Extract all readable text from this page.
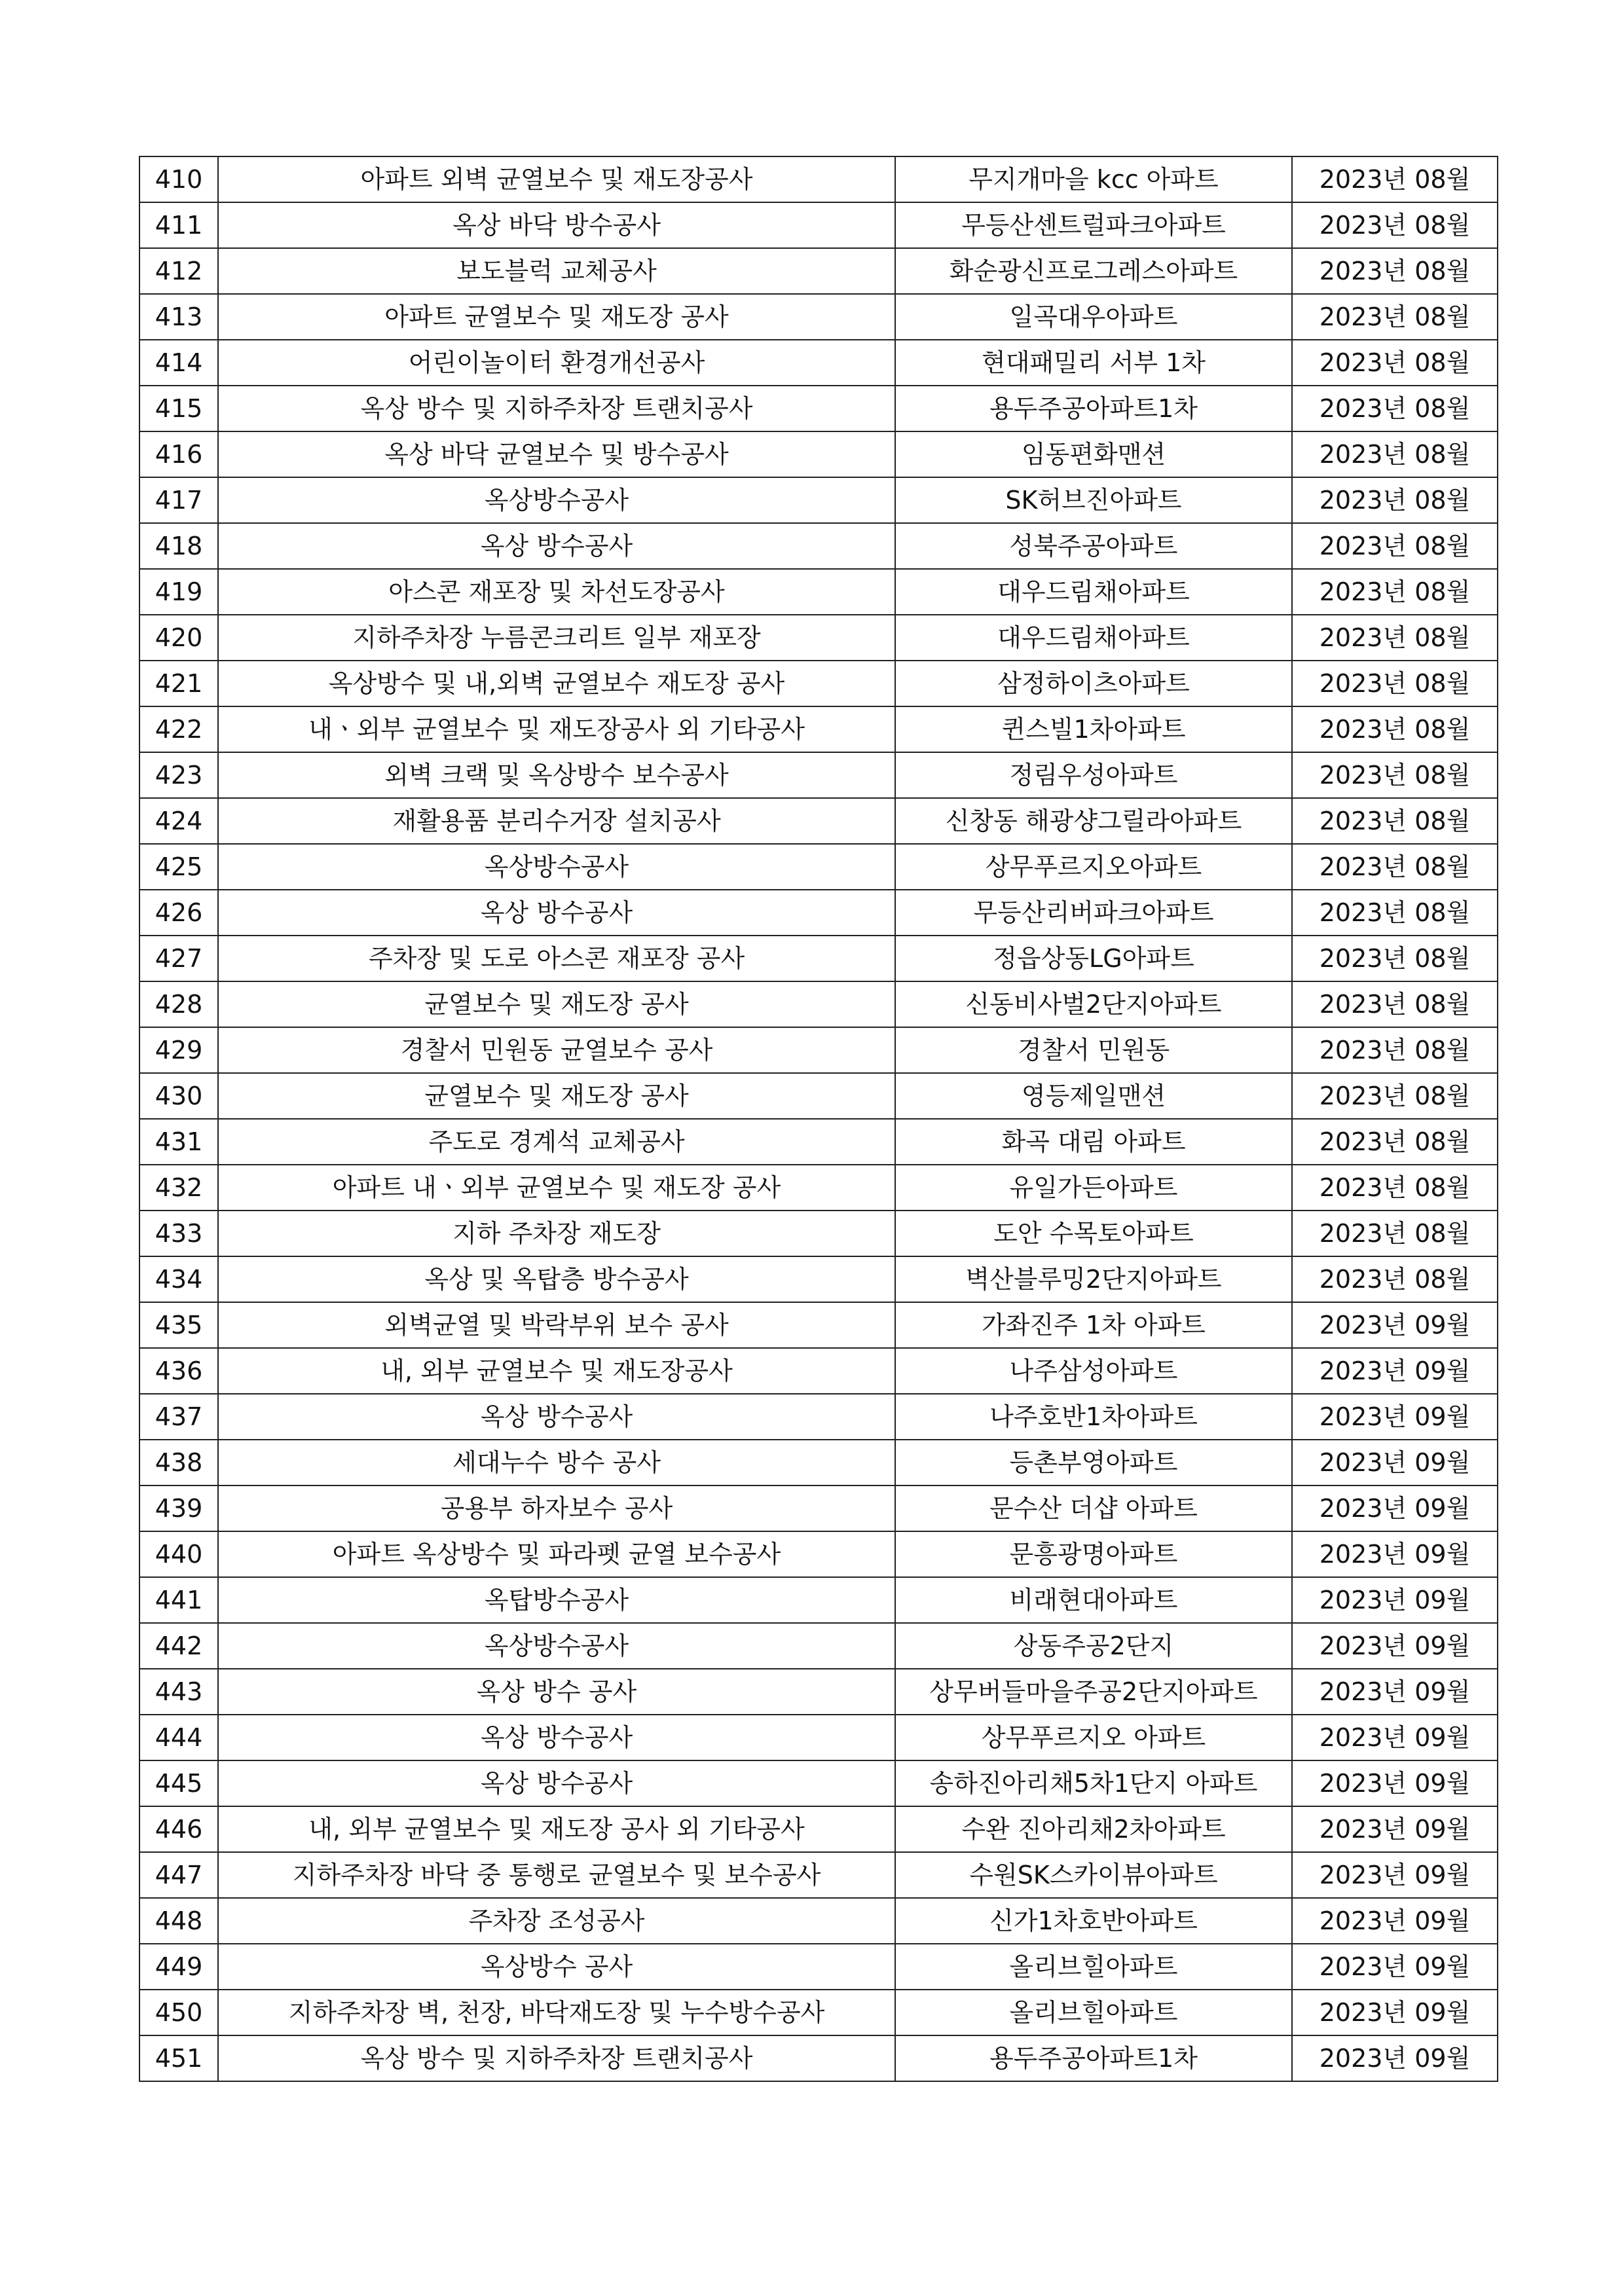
410	아파트 외벽 균열보수 및 재도장공사	무지개마을 kcc 아파트	2023년 08월
411	옥상 바닥 방수공사	무등산센트럴파크아파트	2023년 08월
412	보도블럭 교체공사	화순광신프로그레스아파트	2023년 08월
413	아파트 균열보수 및 재도장 공사	일곡대우아파트	2023년 08월
414	어린이놀이터 환경개선공사	현대패밀리 서부 1차	2023년 08월
415	옥상 방수 및 지하주차장 트랜치공사	용두주공아파트1차	2023년 08월
416	옥상 바닥 균열보수 및 방수공사	임동편화맨션	2023년 08월
417	옥상방수공사	SK허브진아파트	2023년 08월
418	옥상 방수공사	성북주공아파트	2023년 08월
419	아스콘 재포장 및 차선도장공사	대우드림채아파트	2023년 08월
420	지하주차장 누름콘크리트 일부 재포장	대우드림채아파트	2023년 08월
421	옥상방수 및 내,외벽 균열보수 재도장 공사	삼정하이츠아파트	2023년 08월
422	내ㆍ외부 균열보수 및 재도장공사 외 기타공사	퀸스빌1차아파트	2023년 08월
423	외벽 크랙 및 옥상방수 보수공사	정림우성아파트	2023년 08월
424	재활용품 분리수거장 설치공사	신창동 해광샹그릴라아파트	2023년 08월
425	옥상방수공사	상무푸르지오아파트	2023년 08월
426	옥상 방수공사	무등산리버파크아파트	2023년 08월
427	주차장 및 도로 아스콘 재포장 공사	정읍상동LG아파트	2023년 08월
428	균열보수 및 재도장 공사	신동비사벌2단지아파트	2023년 08월
429	경찰서 민원동 균열보수 공사	경찰서 민원동	2023년 08월
430	균열보수 및 재도장 공사	영등제일맨션	2023년 08월
431	주도로 경계석 교체공사	화곡 대림 아파트	2023년 08월
432	아파트 내ㆍ외부 균열보수 및 재도장 공사	유일가든아파트	2023년 08월
433	지하 주차장 재도장	도안 수목토아파트	2023년 08월
434	옥상 및 옥탑층 방수공사	벽산블루밍2단지아파트	2023년 08월
435	외벽균열 및 박락부위 보수 공사	가좌진주 1차 아파트	2023년 09월
436	내, 외부 균열보수 및 재도장공사	나주삼성아파트	2023년 09월
437	옥상 방수공사	나주호반1차아파트	2023년 09월
438	세대누수 방수 공사	등촌부영아파트	2023년 09월
439	공용부 하자보수 공사	문수산 더샵 아파트	2023년 09월
440	아파트 옥상방수 및 파라펫 균열 보수공사	문흥광명아파트	2023년 09월
441	옥탑방수공사	비래현대아파트	2023년 09월
442	옥상방수공사	상동주공2단지	2023년 09월
443	옥상 방수 공사	상무버들마을주공2단지아파트	2023년 09월
444	옥상 방수공사	상무푸르지오 아파트	2023년 09월
445	옥상 방수공사	송하진아리채5차1단지 아파트	2023년 09월
446	내, 외부 균열보수 및 재도장 공사 외 기타공사	수완 진아리채2차아파트	2023년 09월
447	지하주차장 바닥 중 통행로 균열보수 및 보수공사	수원SK스카이뷰아파트	2023년 09월
448	주차장 조성공사	신가1차호반아파트	2023년 09월
449	옥상방수 공사	올리브힐아파트	2023년 09월
450	지하주차장 벽, 천장, 바닥재도장 및 누수방수공사	올리브힐아파트	2023년 09월
451	옥상 방수 및 지하주차장 트랜치공사	용두주공아파트1차	2023년 09월
